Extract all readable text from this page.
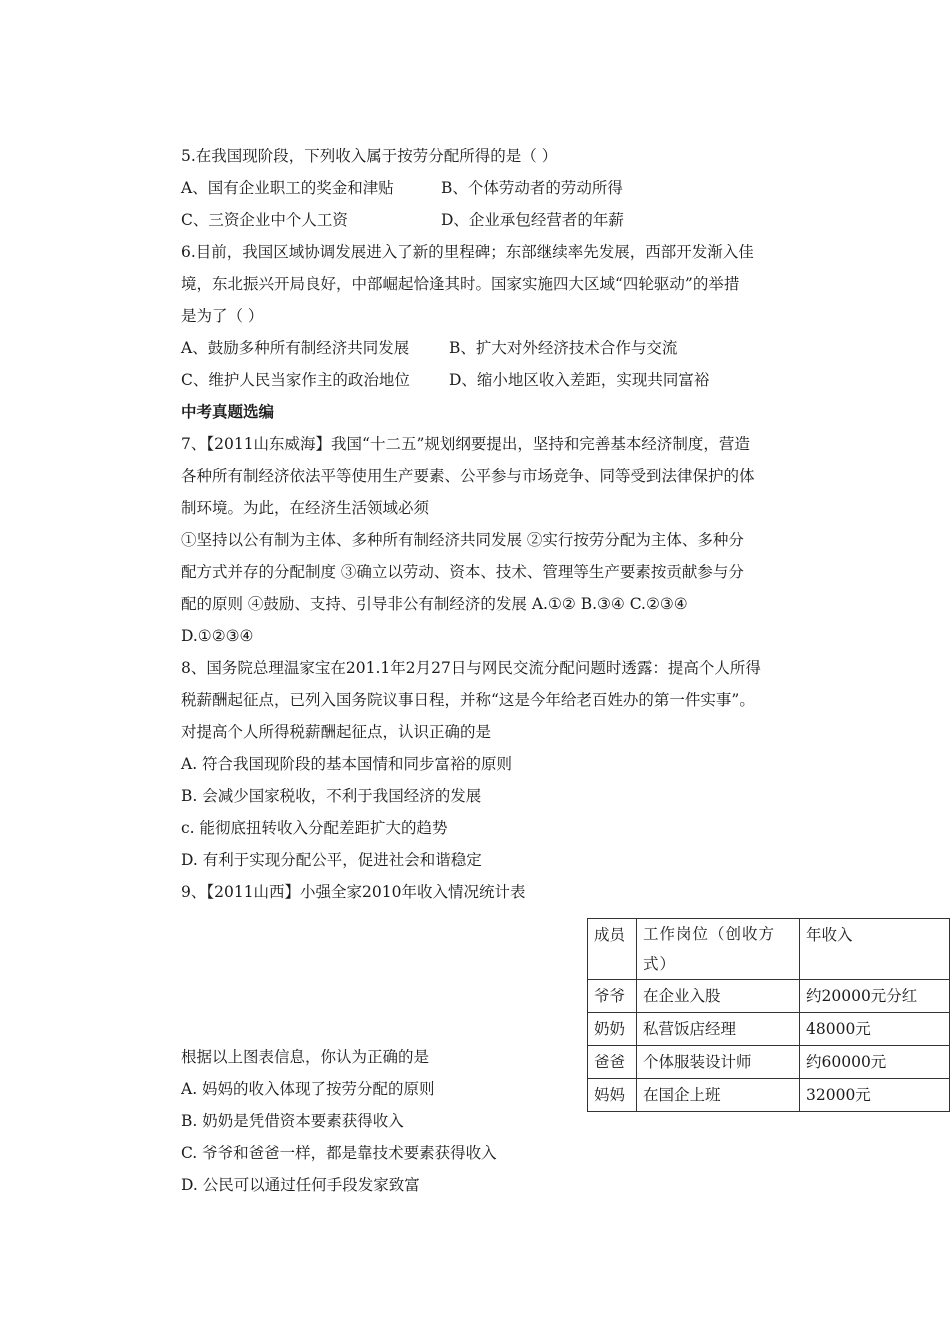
5.在我国现阶段，下列收入属于按劳分配所得的是（ ）
A、国有企业职工的奖金和津贴	B、个体劳动者的劳动所得
C、三资企业中个人工资	D、企业承包经营者的年薪
6.目前，我国区域协调发展进入了新的里程碑；东部继续率先发展，西部开发渐入佳
境，东北振兴开局良好，中部崛起恰逢其时。国家实施四大区域“四轮驱动”的举措
是为了（ ）
A、鼓励多种所有制经济共同发展	B、扩大对外经济技术合作与交流
C、维护人民当家作主的政治地位	D、缩小地区收入差距，实现共同富裕
中考真题选编
7、【2011山东威海】我国“十二五”规划纲要提出，坚持和完善基本经济制度，营造
各种所有制经济依法平等使用生产要素、公平参与市场竞争、同等受到法律保护的体
制环境。为此，在经济生活领域必须
①坚持以公有制为主体、多种所有制经济共同发展 ②实行按劳分配为主体、多种分
配方式并存的分配制度 ③确立以劳动、资本、技术、管理等生产要素按贡献参与分
配的原则 ④鼓励、支持、引导非公有制经济的发展 A.①② B.③④ C.②③④
D.①②③④
8、国务院总理温家宝在201.1年2月27日与网民交流分配问题时透露：提高个人所得
税薪酬起征点，已列入国务院议事日程，并称“这是今年给老百姓办的第一件实事”。
对提高个人所得税薪酬起征点，认识正确的是
A. 符合我国现阶段的基本国情和同步富裕的原则
B. 会减少国家税收，不利于我国经济的发展
c. 能彻底扭转收入分配差距扩大的趋势
D. 有利于实现分配公平，促进社会和谐稳定
9、【2011山西】小强全家2010年收入情况统计表
成员	工作岗位（创收方式）	年收入
爷爷	在企业入股	约20000元分红
奶奶	私营饭店经理	48000元
爸爸	个体服装设计师	约60000元
妈妈	在国企上班	32000元
根据以上图表信息，你认为正确的是
A. 妈妈的收入体现了按劳分配的原则
B. 奶奶是凭借资本要素获得收入
C. 爷爷和爸爸一样，都是靠技术要素获得收入
D. 公民可以通过任何手段发家致富
